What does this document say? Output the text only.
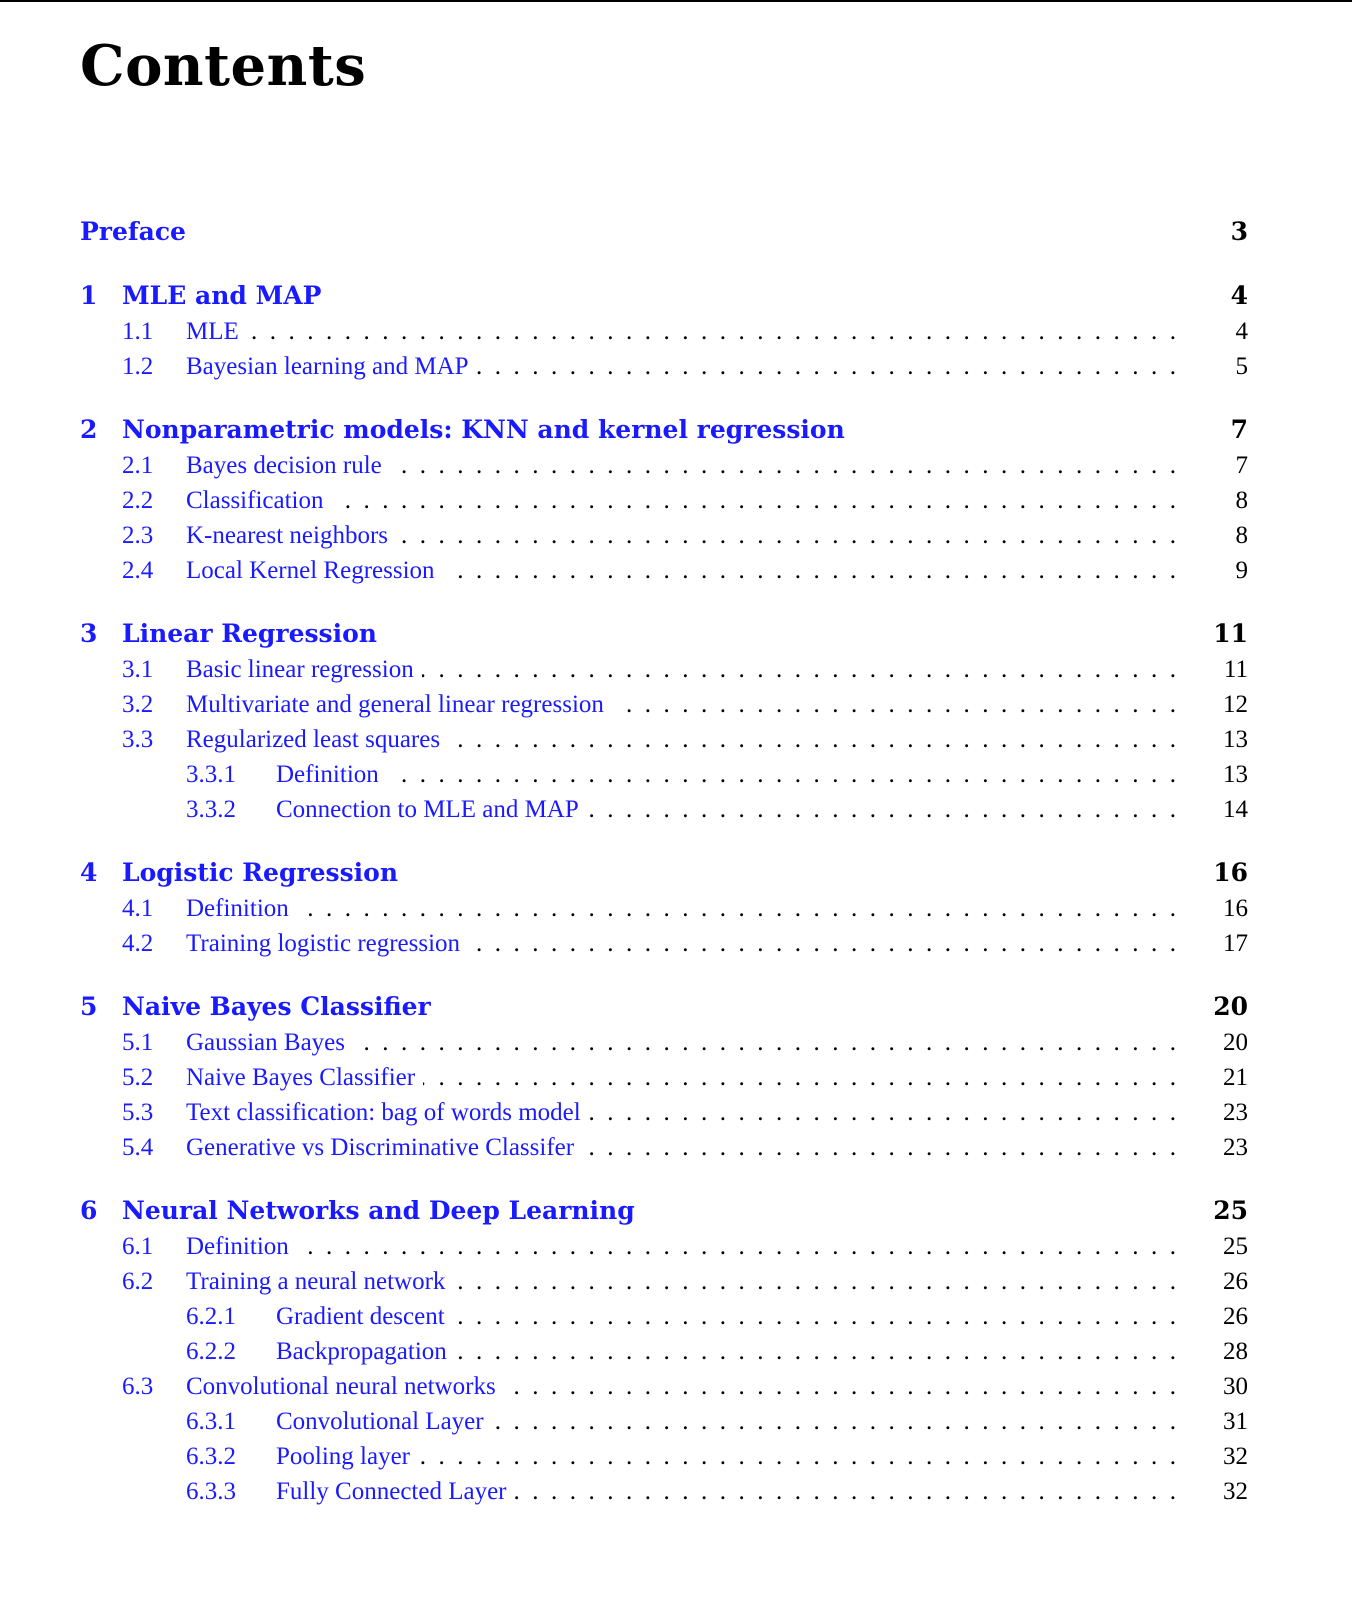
Contents
Preface	3
1 MLE and MAP	4
1.1	MLE . .	4
1.2	Bayesian learning and MAP . .	5
2 Nonparametric models: KNN and kernel regression	7
2.1	Bayes decision rule . .	7
2.2	Classification . .	8
2.3	K-nearest neighbors . .	8
2.4	Local Kernel Regression . .	9
3 Linear Regression	11
3.1	Basic linear regression . .	11
3.2	Multivariate and general linear regression . .	12
3.3	Regularized least squares . .	13
3.3.1	Definition . .	13
3.3.2	Connection to MLE and MAP . .	14
4 Logistic Regression	16
4.1	Definition . .	16
4.2	Training logistic regression . .	17
5 Naive Bayes Classifier	20
5.1	Gaussian Bayes . .	20
5.2	Naive Bayes Classifier . .	21
5.3	Text classification: bag of words model . .	23
5.4	Generative vs Discriminative Classifer . .	23
6 Neural Networks and Deep Learning	25
6.1	Definition . .	25
6.2	Training a neural network . .	26
6.2.1	Gradient descent . .	26
6.2.2	Backpropagation . .	28
6.3	Convolutional neural networks . .	30
6.3.1	Convolutional Layer . .	31
6.3.2	Pooling layer . .	32
6.3.3	Fully Connected Layer . .	32
